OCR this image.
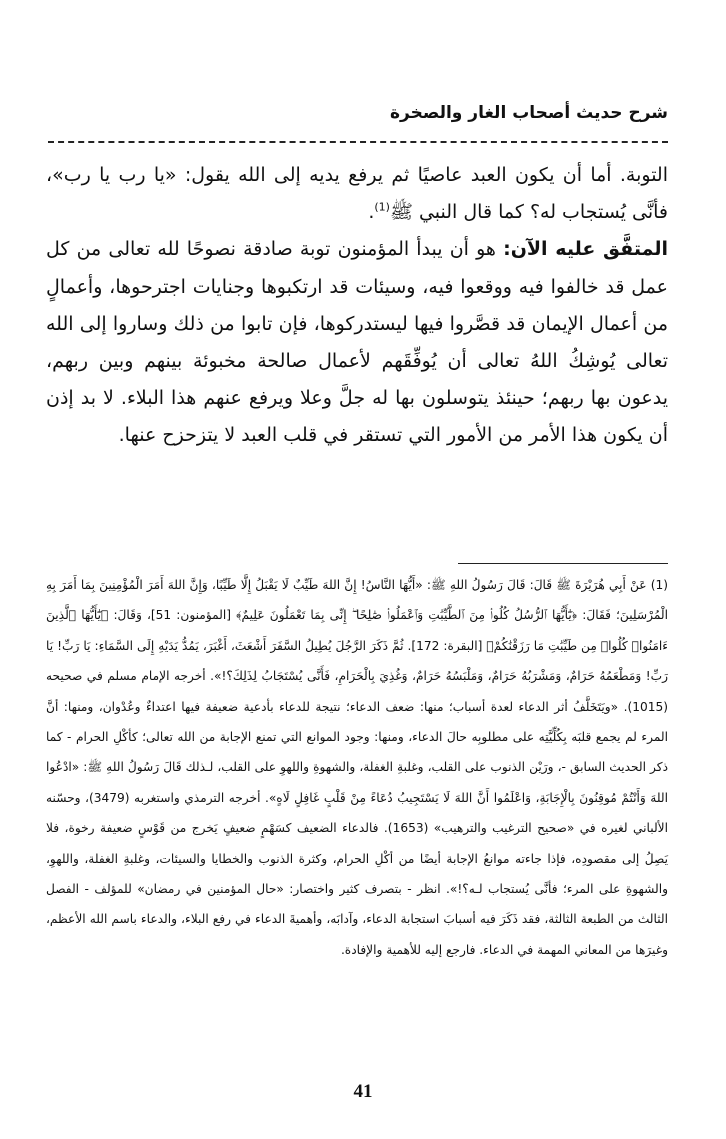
شرح حديث أصحاب الغار والصخرة

التوبة. أما أن يكون العبد عاصيًا ثم يرفع يديه إلى الله يقول: «يا رب يا رب»، فأنَّى يُستجاب له؟ كما قال النبي ﷺ$^{(1)}$.

المتفَّق عليه الآن: هو أن يبدأ المؤمنون توبة صادقة نصوحًا لله تعالى من كل عمل قد خالفوا فيه ووقعوا فيه، وسيئات قد ارتكبوها وجنايات اجترحوها، وأعمالٍ من أعمال الإيمان قد قصَّروا فيها ليستدركوها، فإن تابوا من ذلك وساروا إلى الله تعالى يُوشِكُ اللهُ تعالى أن يُوفِّقَهم لأعمال صالحة مخبوئة بينهم وبين ربهم، يدعون بها ربهم؛ حينئذ يتوسلون بها له جلَّ وعلا ويرفع عنهم هذا البلاء. لا بد إذن أن يكون هذا الأمر من الأمور التي تستقر في قلب العبد لا يتزحزح عنها.

(1) عَنْ أَبِي هُرَيْرَةَ ﷺ قَالَ: قَالَ رَسُولُ اللهِ ﷺ: «أَيُّهَا النَّاسُ! إِنَّ اللهَ طَيِّبٌ لَا يَقْبَلُ إِلَّا طَيِّبًا، وَإِنَّ اللهَ أَمَرَ الْمُؤْمِنِينَ بِمَا أَمَرَ بِهِ الْمُرْسَلِينَ؛ فَقَالَ: ﴿يَٰٓأَيُّهَا ٱلرُّسُلُ كُلُوا۟ مِنَ ٱلطَّيِّبَٰتِ وَٱعْمَلُوا۟ صَٰلِحًا ۖ إِنِّى بِمَا تَعْمَلُونَ عَلِيمٌ﴾ [المؤمنون: 51]، وَقَالَ: ﴿يَٰٓأَيُّهَا ٱلَّذِينَ ءَامَنُوا۟ كُلُوا۟ مِن طَيِّبَٰتِ مَا رَزَقْنَٰكُمْ﴾ [البقرة: 172]. ثُمَّ ذَكَرَ الرَّجُلَ يُطِيلُ السَّفَرَ أَشْعَثَ، أَغْبَرَ، يَمُدُّ يَدَيْهِ إِلَى السَّمَاءِ: يَا رَبِّ! يَا رَبِّ! وَمَطْعَمُهُ حَرَامٌ، وَمَشْرَبُهُ حَرَامٌ، وَمَلْبَسُهُ حَرَامٌ، وَغُذِيَ بِالْحَرَامِ، فَأَنَّى يُسْتَجَابُ لِذَلِكَ؟!». أخرجه الإمام مسلم في صحيحه (1015). «ويَتَخَلَّفُ أثر الدعاء لعدة أسباب؛ منها: ضعف الدعاء؛ نتيجة للدعاء بأدعية ضعيفة فيها اعتداءٌ وعُدْوان، ومنها: أنَّ المرء لم يجمع قلبَه بِكُلِّيَّتِه على مطلوبِه حالَ الدعاء، ومنها: وجود الموانع التي تمنع الإجابة من الله تعالى؛ كأكْلِ الحرام - كما ذكر الحديث السابق -، ورَيْن الذنوب على القلب، وغلبةِ الغفلة، والشهوةِ واللهوِ على القلب، لـذلك قَالَ رَسُولُ اللهِ ﷺ: «ادْعُوا اللهَ وَأَنْتُمْ مُوقِنُونَ بِالْإِجَابَةِ، وَاعْلَمُوا أَنَّ اللهَ لَا يَسْتَجِيبُ دُعَاءً مِنْ قَلْبٍ غَافِلٍ لَاهٍ». أخرجه الترمذي واستغربه (3479)، وحسّنه الألباني لغيره في «صحيح الترغيب والترهيب» (1653). فالدعاء الضعيف كسَهْمٍ ضعيفٍ يَخرج من قَوْسٍ ضعيفة رخوة، فلا يَصِلُ إلى مقصودِه، فإذا جاءته موانعُ الإجابة أيضًا من أكْلِ الحرام، وكثرة الذنوب والخطايا والسيئات، وغلبةِ الغفلة، واللهوِ، والشهوةِ على المرء؛ فأنَّى يُستجاب لـه؟!». انظر - بتصرف كثير واختصار: «حال المؤمنين في رمضان» للمؤلف - الفصل الثالث من الطبعة الثالثة، فقد ذَكَرَ فيه أسبابَ استجابة الدعاء، وآدابَه، وأهميةَ الدعاء في رفع البلاء، والدعاء باسم الله الأعظم، وغيرَها من المعاني المهمة في الدعاء. فارجع إليه للأهمية والإفادة.

41
